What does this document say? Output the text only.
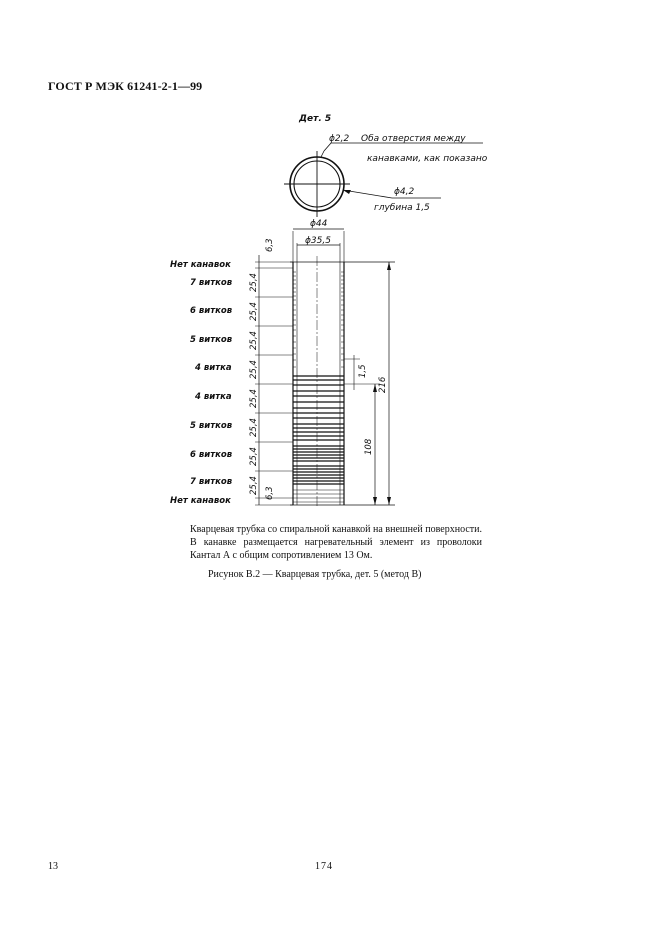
ГОСТ Р МЭК 61241-2-1—99
Дет. 5
ϕ2,2 Оба отверстия между
канавками, как показано
ϕ4,2
глубина 1,5
ϕ44
ϕ35,5
6,3
6,3
25,4
25,4
25,4
25,4
25,4
25,4
25,4
25,4
1,5
216
108
Нет канавок
7 витков
6 витков
5 витков
4 витка
4 витка
5 витков
6 витков
7 витков
Нет канавок
Кварцевая трубка со спиральной канавкой на внешней поверхности. В канавке размещается нагревательный элемент из проволоки Кантал А с общим сопротивлением 13 Ом.
Рисунок В.2 — Кварцевая трубка, дет. 5 (метод В)
13	174
